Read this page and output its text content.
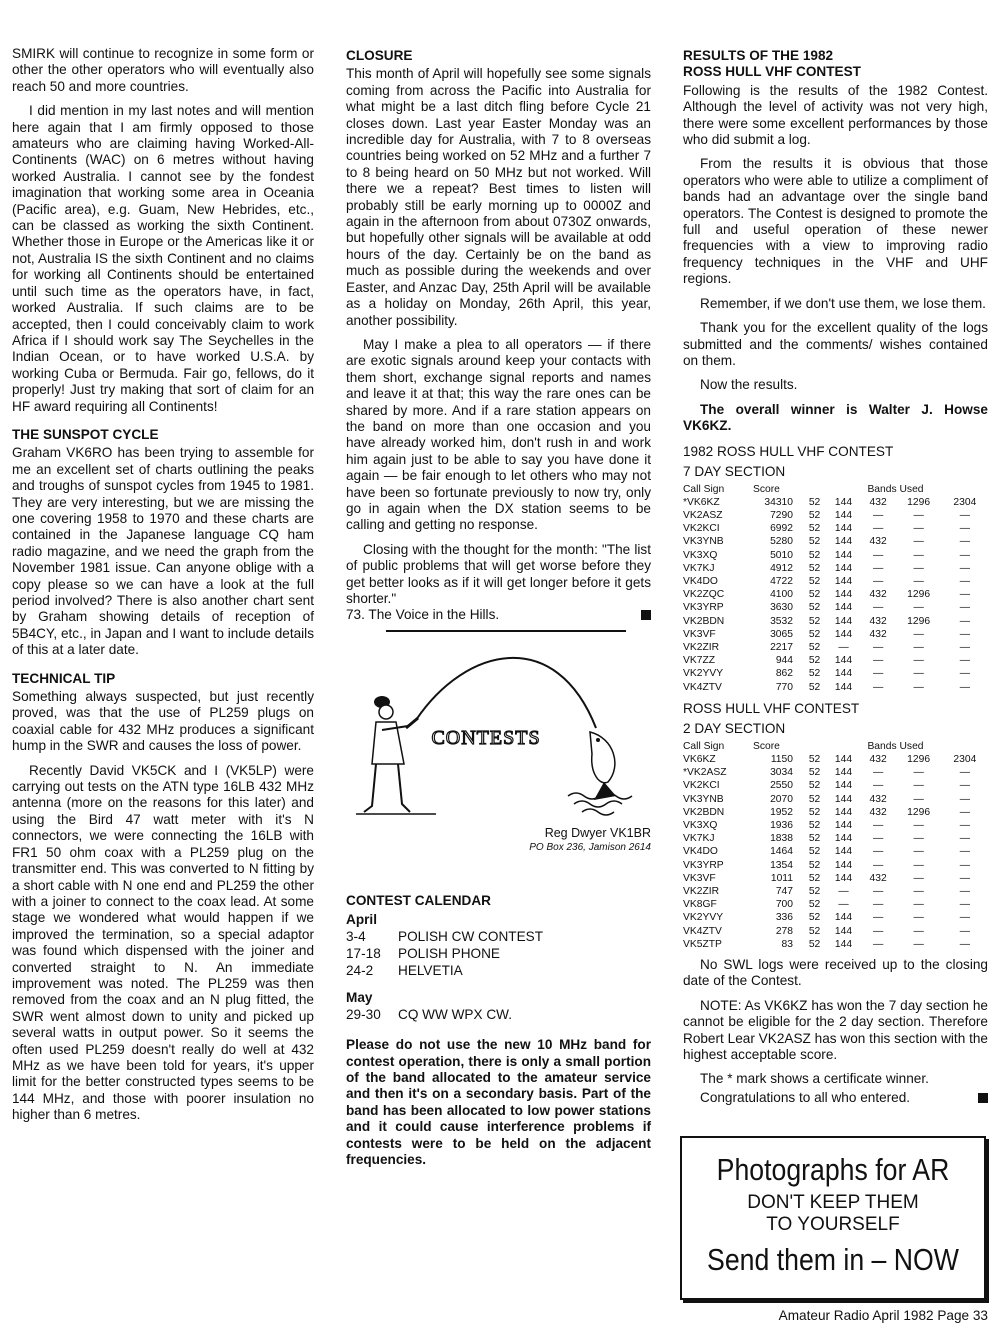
SMIRK will continue to recognize in some form or other the other operators who will eventually also reach 50 and more countries.

I did mention in my last notes and will mention here again that I am firmly opposed to those amateurs who are claiming having Worked-All-Continents (WAC) on 6 metres without having worked Australia. I cannot see by the fondest imagination that working some area in Oceania (Pacific area), e.g. Guam, New Hebrides, etc., can be classed as working the sixth Continent. Whether those in Europe or the Americas like it or not, Australia IS the sixth Continent and no claims for working all Continents should be entertained until such time as the operators have, in fact, worked Australia. If such claims are to be accepted, then I could conceivably claim to work Africa if I should work say The Seychelles in the Indian Ocean, or to have worked U.S.A. by working Cuba or Bermuda. Fair go, fellows, do it properly! Just try making that sort of claim for an HF award requiring all Continents!

THE SUNSPOT CYCLE

Graham VK6RO has been trying to assemble for me an excellent set of charts outlining the peaks and troughs of sunspot cycles from 1945 to 1981. They are very interesting, but we are missing the one covering 1958 to 1970 and these charts are contained in the Japanese language CQ ham radio magazine, and we need the graph from the November 1981 issue. Can anyone oblige with a copy please so we can have a look at the full period involved? There is also another chart sent by Graham showing details of reception of 5B4CY, etc., in Japan and I want to include details of this at a later date.

TECHNICAL TIP

Something always suspected, but just recently proved, was that the use of PL259 plugs on coaxial cable for 432 MHz produces a significant hump in the SWR and causes the loss of power.

Recently David VK5CK and I (VK5LP) were carrying out tests on the ATN type 16LB 432 MHz antenna (more on the reasons for this later) and using the Bird 47 watt meter with it's N connectors, we were connecting the 16LB with FR1 50 ohm coax with a PL259 plug on the transmitter end. This was converted to N fitting by a short cable with N one end and PL259 the other with a joiner to connect to the coax lead. At some stage we wondered what would happen if we improved the termination, so a special adaptor was found which dispensed with the joiner and converted straight to N. An immediate improvement was noted. The PL259 was then removed from the coax and an N plug fitted, the SWR went almost down to unity and picked up several watts in output power. So it seems the often used PL259 doesn't really do well at 432 MHz as we have been told for years, it's upper limit for the better constructed types seems to be 144 MHz, and those with poorer insulation no higher than 6 metres.

CLOSURE

This month of April will hopefully see some signals coming from across the Pacific into Australia for what might be a last ditch fling before Cycle 21 closes down. Last year Easter Monday was an incredible day for Australia, with 7 to 8 overseas countries being worked on 52 MHz and a further 7 to 8 being heard on 50 MHz but not worked. Will there we a repeat? Best times to listen will probably still be early morning up to 0000Z and again in the afternoon from about 0730Z onwards, but hopefully other signals will be available at odd hours of the day. Certainly be on the band as much as possible during the weekends and over Easter, and Anzac Day, 25th April will be available as a holiday on Monday, 26th April, this year, another possibility.

May I make a plea to all operators — if there are exotic signals around keep your contacts with them short, exchange signal reports and names and leave it at that; this way the rare ones can be shared by more. And if a rare station appears on the band on more than one occasion and you have already worked him, don't rush in and work him again just to be able to say you have done it again — be fair enough to let others who may not have been so fortunate previously to now try, only go in again when the DX station seems to be calling and getting no response.

Closing with the thought for the month: "The list of public problems that will get worse before they get better looks as if it will get longer before it gets shorter."

73. The Voice in the Hills.

CONTESTS
Reg Dwyer VK1BR
PO Box 236, Jamison 2614
CONTEST CALENDAR
April
3-4	POLISH CW CONTEST
17-18	POLISH PHONE
24-2	HELVETIA
May
29-30	CQ WW WPX CW.

Please do not use the new 10 MHz band for contest operation, there is only a small portion of the band allocated to the amateur service and then it's on a secondary basis. Part of the band has been allocated to low power stations and it could cause interference problems if contests were to be held on the adjacent frequencies.

RESULTS OF THE 1982
ROSS HULL VHF CONTEST

Following is the results of the 1982 Contest. Although the level of activity was not very high, there were some excellent performances by those who did submit a log.

From the results it is obvious that those operators who were able to utilize a compliment of bands had an advantage over the single band operators. The Contest is designed to promote the full and useful operation of these newer frequencies with a view to improving radio frequency techniques in the VHF and UHF regions.

Remember, if we don't use them, we lose them.

Thank you for the excellent quality of the logs submitted and the comments/ wishes contained on them.

Now the results.

The overall winner is Walter J. Howse VK6KZ.

1982 ROSS HULL VHF CONTEST
7 DAY SECTION
Call Sign	Score	Bands Used				
*VK6KZ	34310	52	144	432	1296	2304
VK2ASZ	7290	52	144	—	—	—
VK2KCI	6992	52	144	—	—	—
VK3YNB	5280	52	144	432	—	—
VK3XQ	5010	52	144	—	—	—
VK7KJ	4912	52	144	—	—	—
VK4DO	4722	52	144	—	—	—
VK2ZQC	4100	52	144	432	1296	—
VK3YRP	3630	52	144	—	—	—
VK2BDN	3532	52	144	432	1296	—
VK3VF	3065	52	144	432	—	—
VK2ZIR	2217	52	—	—	—	—
VK7ZZ	944	52	144	—	—	—
VK2YVY	862	52	144	—	—	—
VK4ZTV	770	52	144	—	—	—
ROSS HULL VHF CONTEST
2 DAY SECTION
Call Sign	Score	Bands Used				
VK6KZ	1150	52	144	432	1296	2304
*VK2ASZ	3034	52	144	—	—	—
VK2KCI	2550	52	144	—	—	—
VK3YNB	2070	52	144	432	—	—
VK2BDN	1952	52	144	432	1296	—
VK3XQ	1936	52	144	—	—	—
VK7KJ	1838	52	144	—	—	—
VK4DO	1464	52	144	—	—	—
VK3YRP	1354	52	144	—	—	—
VK3VF	1011	52	144	432	—	—
VK2ZIR	747	52	—	—	—	—
VK8GF	700	52	—	—	—	—
VK2YVY	336	52	144	—	—	—
VK4ZTV	278	52	144	—	—	—
VK5ZTP	83	52	144	—	—	—

No SWL logs were received up to the closing date of the Contest.

NOTE: As VK6KZ has won the 7 day section he cannot be eligible for the 2 day section. Therefore Robert Lear VK2ASZ has won this section with the highest acceptable score.

The * mark shows a certificate winner.

Congratulations to all who entered.

Photographs for AR
DON'T KEEP THEM
TO YOURSELF
Send them in – NOW
Amateur Radio April 1982 Page 33
